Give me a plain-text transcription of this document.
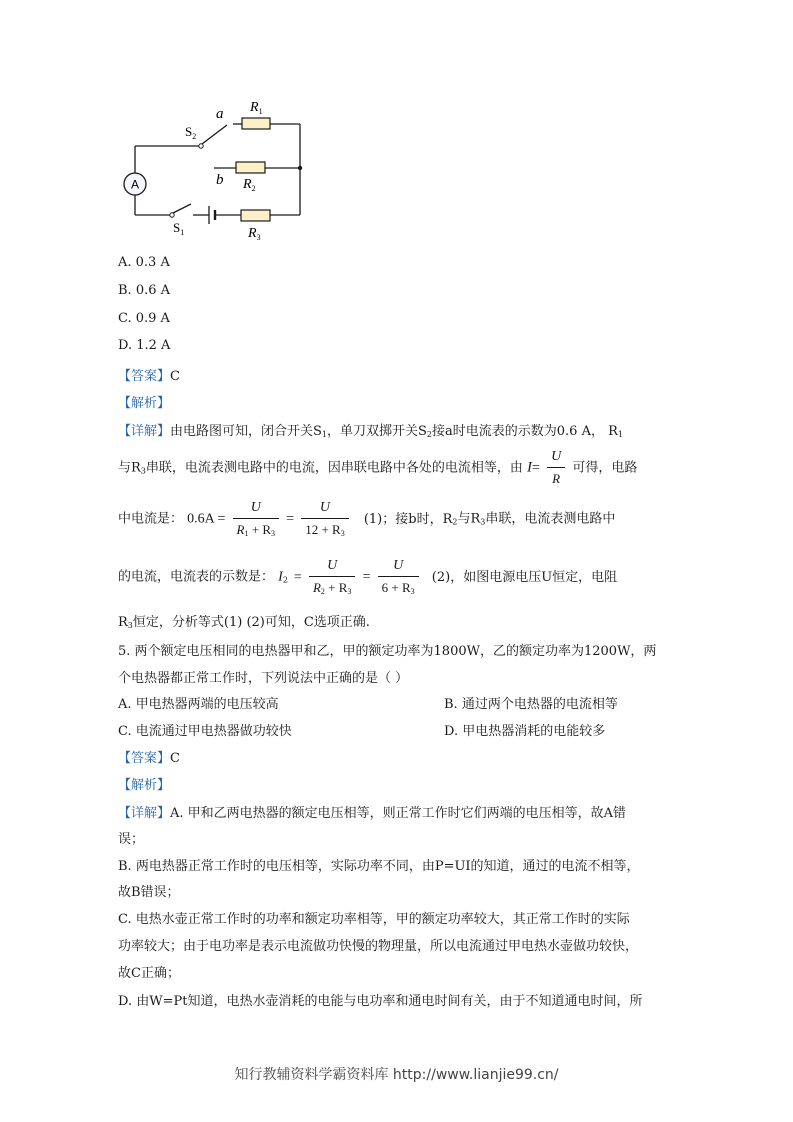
A
a
b
$S_2$
$S_1$
$R_1$
$R_2$
$R_3$
A. 0.3 A
B. 0.6 A
C. 0.9 A
D. 1.2 A
【答案】C
【解析】
【详解】由电路图可知，闭合开关$S_1$，单刀双掷开关$S_2$接a时电流表的示数为0.6 A， $R_1$
与$R_3$串联，电流表测电路中的电流，因串联电路中各处的电流相等，由 $I= \frac{U}{R}$ 可得，电路
中电流是： $0.6A = \frac{U}{R_1 + R_3} = \frac{U}{12 + R_3} (1)$；接b时，$R_2$与$R_3$串联，电流表测电路中
的电流，电流表的示数是： $I_2 = \frac{U}{R_2 + R_3} = \frac{U}{6 + R_3} (2)$，如图电源电压U恒定，电阻
$R_3$恒定，分析等式(1) (2)可知，C选项正确.
5. 两个额定电压相同的电热器甲和乙，甲的额定功率为1800W，乙的额定功率为1200W，两
个电热器都正常工作时，下列说法中正确的是（ ）
A. 甲电热器两端的电压较高	B. 通过两个电热器的电流相等
C. 电流通过甲电热器做功较快	D. 甲电热器消耗的电能较多
【答案】C
【解析】
【详解】A. 甲和乙两电热器的额定电压相等，则正常工作时它们两端的电压相等，故A错
误；
B. 两电热器正常工作时的电压相等，实际功率不同，由P=UI的知道，通过的电流不相等，
故B错误；
C. 电热水壶正常工作时的功率和额定功率相等，甲的额定功率较大，其正常工作时的实际
功率较大；由于电功率是表示电流做功快慢的物理量，所以电流通过甲电热水壶做功较快，
故C正确；
D. 由W=Pt知道，电热水壶消耗的电能与电功率和通电时间有关，由于不知道通电时间，所
知行教辅资料学霸资料库 http://www.lianjie99.cn/
